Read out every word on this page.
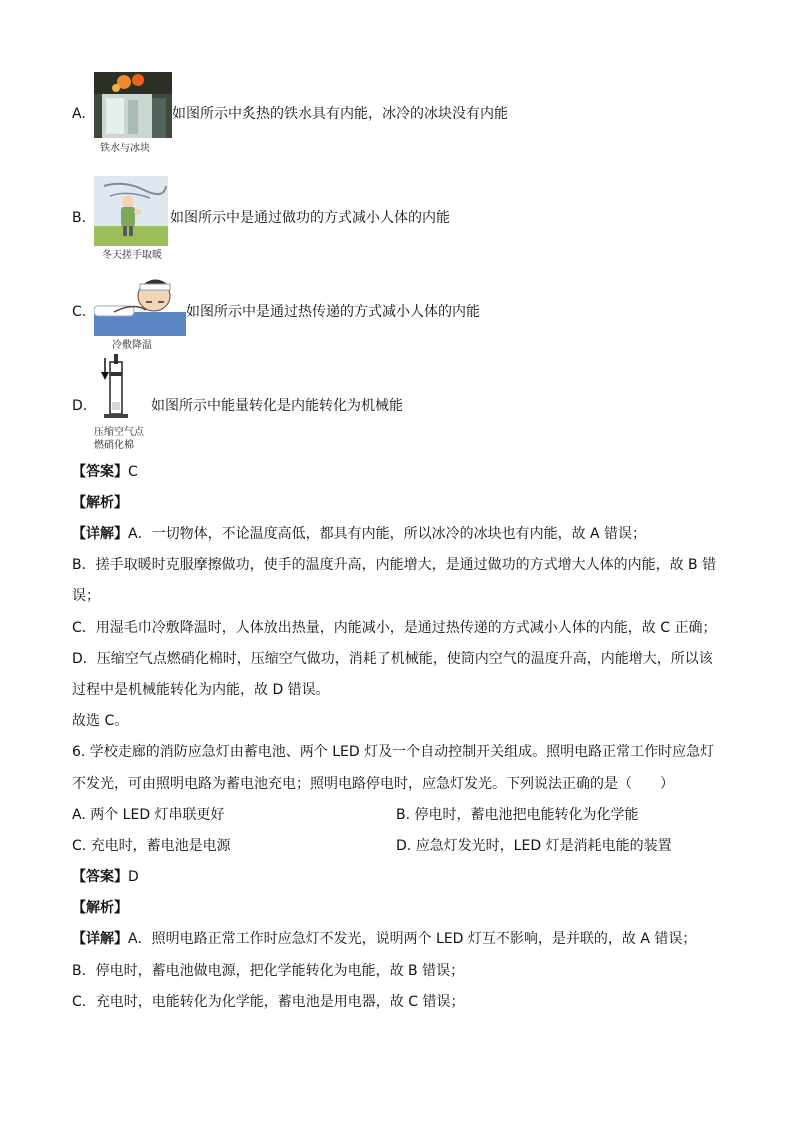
A.	如图所示中炙热的铁水具有内能，冰冷的冰块没有内能
铁水与冰块
B.	如图所示中是通过做功的方式减小人体的内能
冬天搓手取暖
C.	如图所示中是通过热传递的方式减小人体的内能
冷敷降温
D.	如图所示中能量转化是内能转化为机械能
压缩空气点
燃硝化棉
【答案】C
【解析】
【详解】A．一切物体，不论温度高低，都具有内能，所以冰冷的冰块也有内能，故 A 错误；
B．搓手取暖时克服摩擦做功，使手的温度升高，内能增大，是通过做功的方式增大人体的内能，故 B 错
误；
C．用湿毛巾冷敷降温时，人体放出热量，内能减小，是通过热传递的方式减小人体的内能，故 C 正确；
D．压缩空气点燃硝化棉时，压缩空气做功，消耗了机械能，使筒内空气的温度升高，内能增大，所以该
过程中是机械能转化为内能，故 D 错误。
故选 C。
6. 学校走廊的消防应急灯由蓄电池、两个 LED 灯及一个自动控制开关组成。照明电路正常工作时应急灯
不发光，可由照明电路为蓄电池充电；照明电路停电时，应急灯发光。下列说法正确的是（　　）
A. 两个 LED 灯串联更好	B. 停电时，蓄电池把电能转化为化学能
C. 充电时，蓄电池是电源	D. 应急灯发光时，LED 灯是消耗电能的装置
【答案】D
【解析】
【详解】A．照明电路正常工作时应急灯不发光，说明两个 LED 灯互不影响，是并联的，故 A 错误；
B．停电时，蓄电池做电源，把化学能转化为电能，故 B 错误；
C．充电时，电能转化为化学能，蓄电池是用电器，故 C 错误；
